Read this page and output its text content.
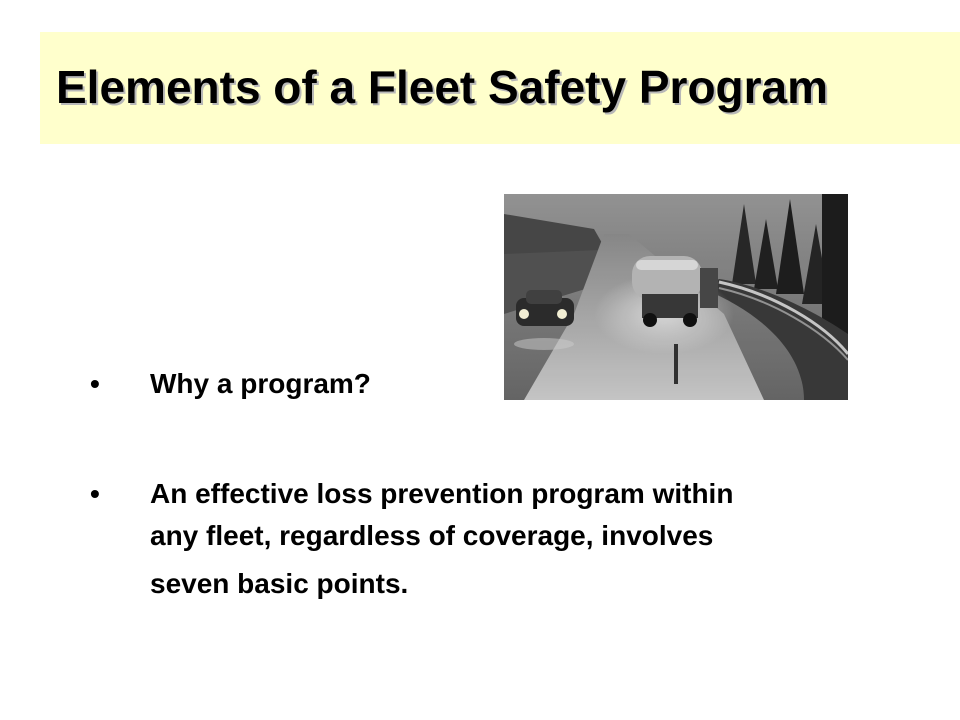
Elements of a Fleet Safety Program
• Why a program?
• An effective loss prevention program within
any fleet, regardless of coverage, involves
seven basic points.
